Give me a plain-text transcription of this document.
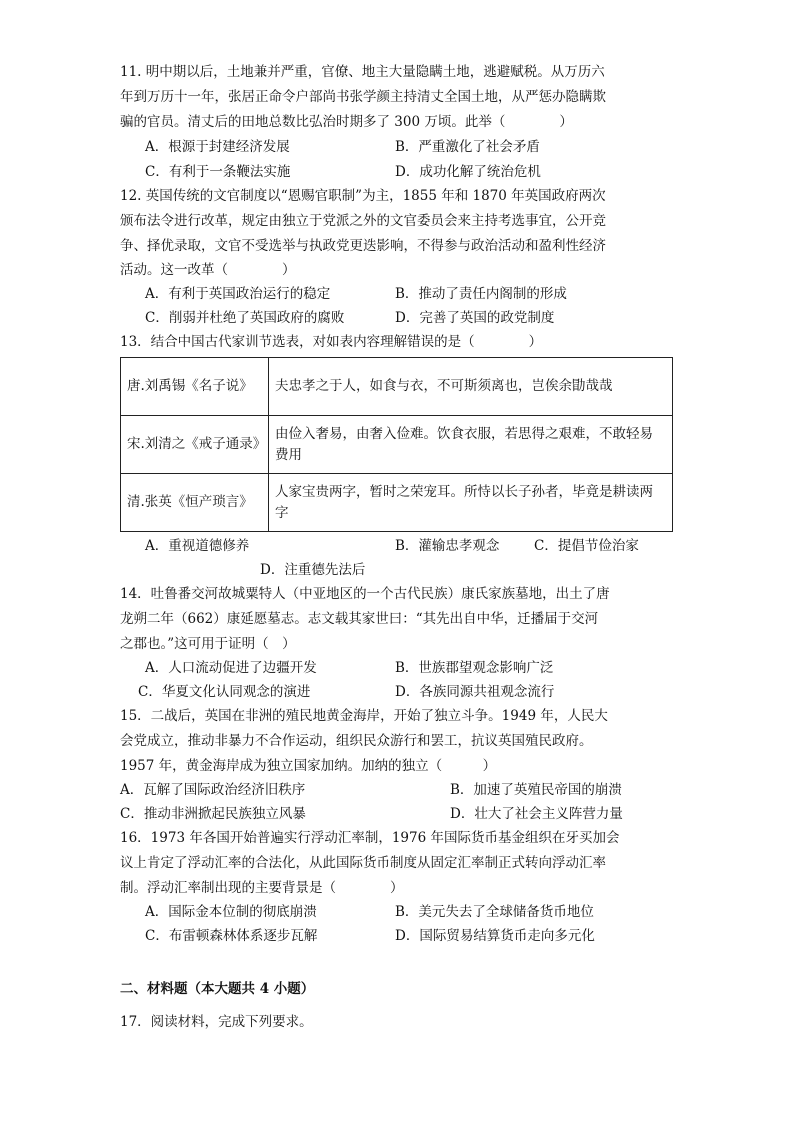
11. 明中期以后，土地兼并严重，官僚、地主大量隐瞒土地，逃避赋税。从万历六
年到万历十一年，张居正命令户部尚书张学颜主持清丈全国土地，从严惩办隐瞒欺
骗的官员。清丈后的田地总数比弘治时期多了 300 万顷。此举（　　　　）
A．根源于封建经济发展	B．严重激化了社会矛盾
C．有利于一条鞭法实施	D．成功化解了统治危机
12. 英国传统的文官制度以“恩赐官职制”为主，1855 年和 1870 年英国政府两次
颁布法令进行改革，规定由独立于党派之外的文官委员会来主持考选事宜，公开竞
争、择优录取，文官不受选举与执政党更迭影响，不得参与政治活动和盈利性经济
活动。这一改革（　　　　）
A．有利于英国政治运行的稳定	B．推动了责任内阁制的形成
C．削弱并杜绝了英国政府的腐败	D．完善了英国的政党制度
13．结合中国古代家训节选表，对如表内容理解错误的是（　　　　）
唐.刘禹锡《名子说》	夫忠孝之于人，如食与衣，不可斯须离也，岂俟余勖哉哉
宋.刘清之《戒子通录》	由俭入奢易，由奢入俭难。饮食衣服，若思得之艰难，不敢轻易费用
清.张英《恒产琐言》	人家宝贵两字，暂时之荣宠耳。所恃以长子孙者，毕竟是耕读两字
A．重视道德修养	B．灌输忠孝观念	C．提倡节俭治家
D．注重德先法后
14．吐鲁番交河故城粟特人（中亚地区的一个古代民族）康氏家族墓地，出土了唐
龙朔二年（662）康延愿墓志。志文载其家世曰：“其先出自中华，迁播届于交河
之郡也。”这可用于证明（　）
A．人口流动促进了边疆开发	B．世族郡望观念影响广泛
C．华夏文化认同观念的演进	D．各族同源共祖观念流行
15．二战后，英国在非洲的殖民地黄金海岸，开始了独立斗争。1949 年，人民大
会党成立，推动非暴力不合作运动，组织民众游行和罢工，抗议英国殖民政府。
1957 年，黄金海岸成为独立国家加纳。加纳的独立（　　　）
A．瓦解了国际政治经济旧秩序	B．加速了英殖民帝国的崩溃
C．推动非洲掀起民族独立风暴	D．壮大了社会主义阵营力量
16．1973 年各国开始普遍实行浮动汇率制，1976 年国际货币基金组织在牙买加会
议上肯定了浮动汇率的合法化，从此国际货币制度从固定汇率制正式转向浮动汇率
制。浮动汇率制出现的主要背景是（　　　　）
A．国际金本位制的彻底崩溃	B．美元失去了全球储备货币地位
C．布雷顿森林体系逐步瓦解	D．国际贸易结算货币走向多元化
二、材料题（本大题共 4 小题）
17．阅读材料，完成下列要求。
